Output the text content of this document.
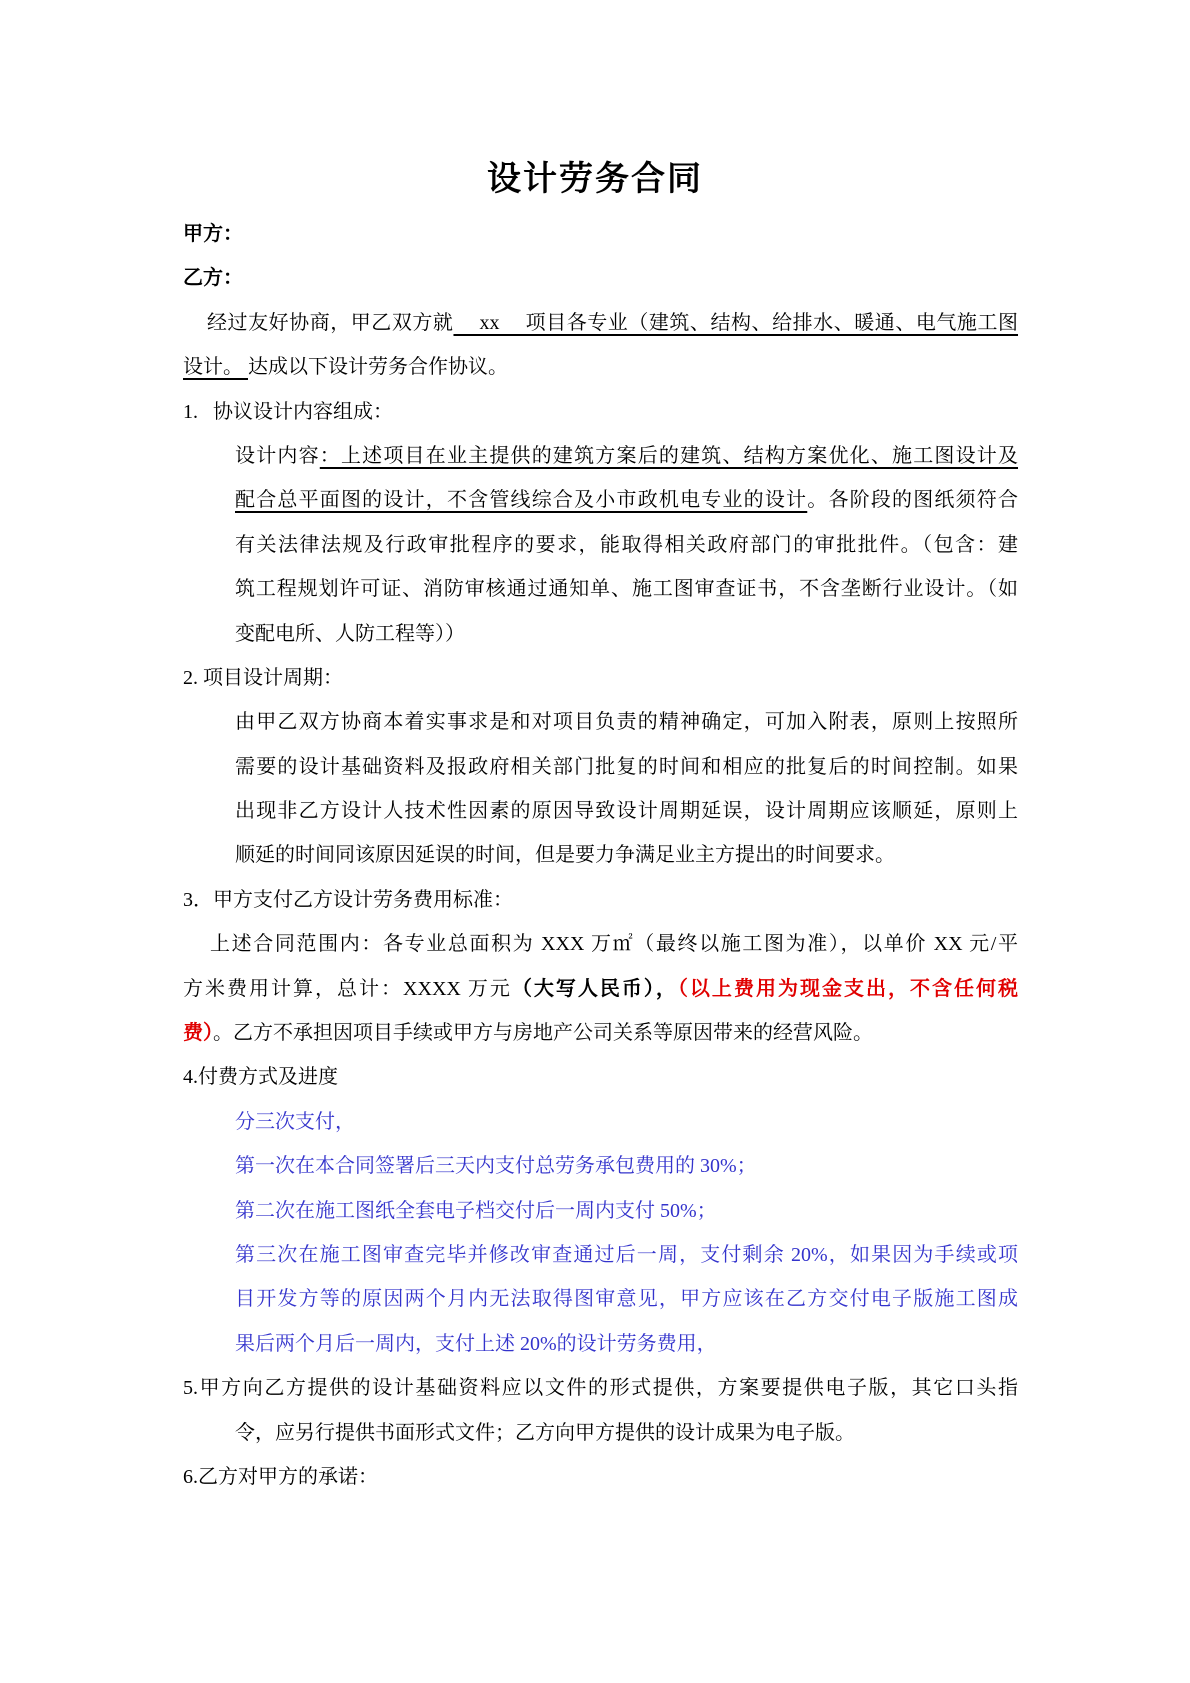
设计劳务合同
甲方：
乙方：
经过友好协商，甲乙双方就　 xx 　项目各专业（建筑、结构、给排水、暖通、电气施工图
设计。 达成以下设计劳务合作协议。
1.   协议设计内容组成：
设计内容：上述项目在业主提供的建筑方案后的建筑、结构方案优化、施工图设计及
配合总平面图的设计，不含管线综合及小市政机电专业的设计。各阶段的图纸须符合
有关法律法规及行政审批程序的要求，能取得相关政府部门的审批批件。（包含：建
筑工程规划许可证、消防审核通过通知单、施工图审查证书，不含垄断行业设计。（如
变配电所、人防工程等））
2. 项目设计周期：
由甲乙双方协商本着实事求是和对项目负责的精神确定，可加入附表，原则上按照所
需要的设计基础资料及报政府相关部门批复的时间和相应的批复后的时间控制。如果
出现非乙方设计人技术性因素的原因导致设计周期延误，设计周期应该顺延，原则上
顺延的时间同该原因延误的时间，但是要力争满足业主方提出的时间要求。
3．甲方支付乙方设计劳务费用标准：
上述合同范围内：各专业总面积为 XXX 万㎡（最终以施工图为准），以单价 XX 元/平
方米费用计算，总计：XXXX 万元（大写人民币），（以上费用为现金支出，不含任何税
费）。乙方不承担因项目手续或甲方与房地产公司关系等原因带来的经营风险。
4.付费方式及进度
分三次支付，
第一次在本合同签署后三天内支付总劳务承包费用的 30%；
第二次在施工图纸全套电子档交付后一周内支付 50%；
第三次在施工图审查完毕并修改审查通过后一周，支付剩余 20%，如果因为手续或项
目开发方等的原因两个月内无法取得图审意见，甲方应该在乙方交付电子版施工图成
果后两个月后一周内，支付上述 20%的设计劳务费用，
5.甲方向乙方提供的设计基础资料应以文件的形式提供，方案要提供电子版，其它口头指
令，应另行提供书面形式文件；乙方向甲方提供的设计成果为电子版。
6.乙方对甲方的承诺：
